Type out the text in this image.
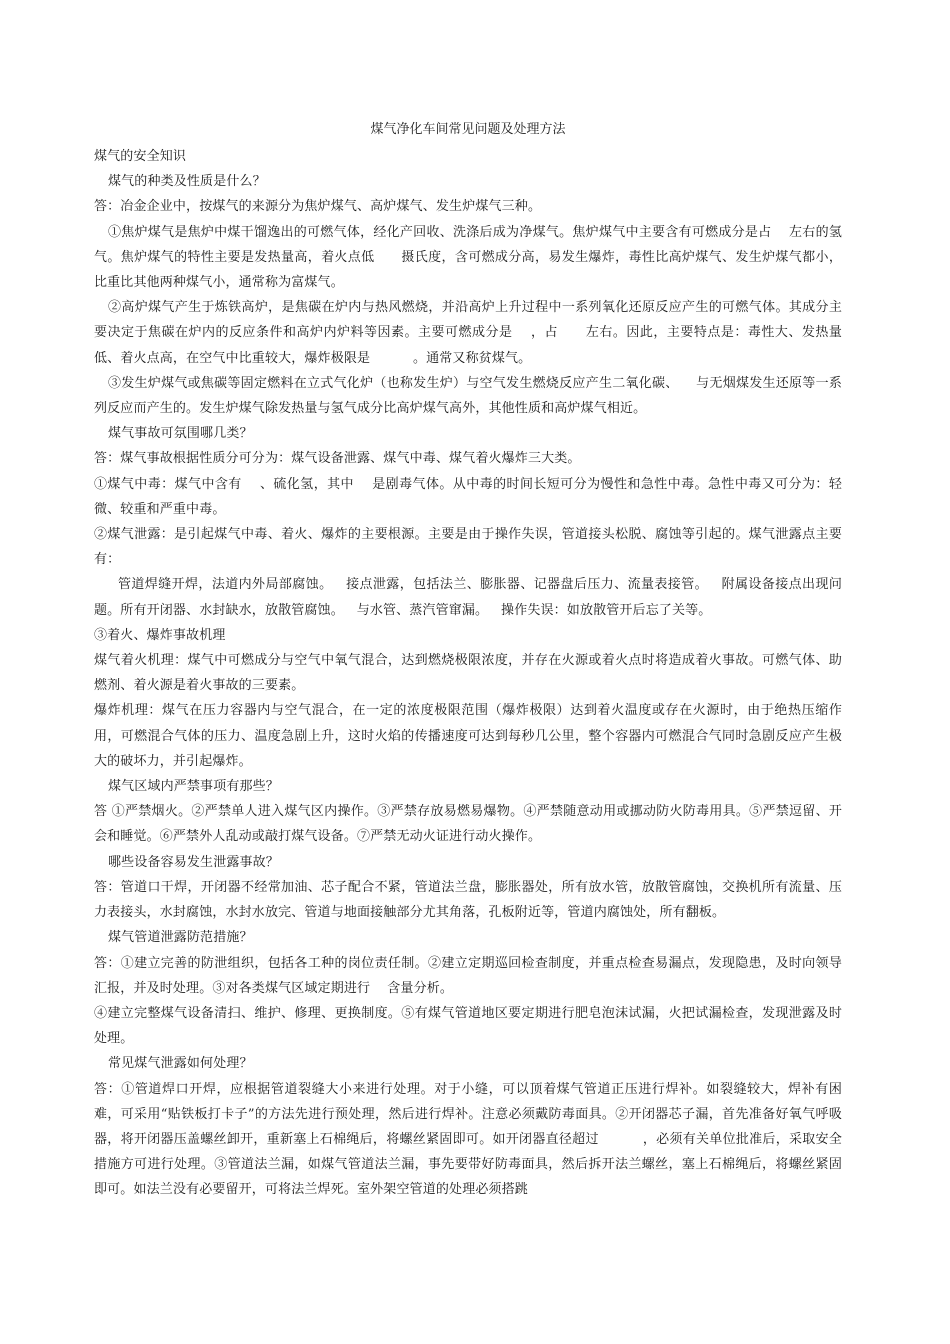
煤气净化车间常见问题及处理方法

煤气的安全知识

煤气的种类及性质是什么？

答：冶金企业中，按煤气的来源分为焦炉煤气、高炉煤气、发生炉煤气三种。

①焦炉煤气是焦炉中煤干馏逸出的可燃气体，经化产回收、洗涤后成为净煤气。焦炉煤气中主要含有可燃成分是占    左右的氢气。焦炉煤气的特性主要是发热量高，着火点低      摄氏度，含可燃成分高，易发生爆炸，毒性比高炉煤气、发生炉煤气都小，比重比其他两种煤气小，通常称为富煤气。

②高炉煤气产生于炼铁高炉，是焦碳在炉内与热风燃烧，并沿高炉上升过程中一系列氧化还原反应产生的可燃气体。其成分主要决定于焦碳在炉内的反应条件和高炉内炉料等因素。主要可燃成分是    ，占      左右。因此，主要特点是：毒性大、发热量低、着火点高，在空气中比重较大，爆炸极限是          。通常又称贫煤气。

③发生炉煤气或焦碳等固定燃料在立式气化炉（也称发生炉）与空气发生燃烧反应产生二氧化碳、    与无烟煤发生还原等一系列反应而产生的。发生炉煤气除发热量与氢气成分比高炉煤气高外，其他性质和高炉煤气相近。

煤气事故可氛围哪几类？

答：煤气事故根据性质分可分为：煤气设备泄露、煤气中毒、煤气着火爆炸三大类。

①煤气中毒：煤气中含有    、硫化氢，其中    是剧毒气体。从中毒的时间长短可分为慢性和急性中毒。急性中毒又可分为：轻微、较重和严重中毒。

②煤气泄露：是引起煤气中毒、着火、爆炸的主要根源。主要是由于操作失误，管道接头松脱、腐蚀等引起的。煤气泄露点主要有：

管道焊缝开焊，法道内外局部腐蚀。   接点泄露，包括法兰、膨胀器、记器盘后压力、流量表接管。   附属设备接点出现问题。所有开闭器、水封缺水，放散管腐蚀。   与水管、蒸汽管窜漏。   操作失误：如放散管开后忘了关等。

③着火、爆炸事故机理

煤气着火机理：煤气中可燃成分与空气中氧气混合，达到燃烧极限浓度，并存在火源或着火点时将造成着火事故。可燃气体、助燃剂、着火源是着火事故的三要素。

爆炸机理：煤气在压力容器内与空气混合，在一定的浓度极限范围（爆炸极限）达到着火温度或存在火源时，由于绝热压缩作用，可燃混合气体的压力、温度急剧上升，这时火焰的传播速度可达到每秒几公里，整个容器内可燃混合气同时急剧反应产生极大的破坏力，并引起爆炸。

煤气区域内严禁事项有那些？

答 ①严禁烟火。②严禁单人进入煤气区内操作。③严禁存放易燃易爆物。④严禁随意动用或挪动防火防毒用具。⑤严禁逗留、开会和睡觉。⑥严禁外人乱动或敲打煤气设备。⑦严禁无动火证进行动火操作。

哪些设备容易发生泄露事故？

答：管道口干焊，开闭器不经常加油、芯子配合不紧，管道法兰盘，膨胀器处，所有放水管，放散管腐蚀，交换机所有流量、压力表接头，水封腐蚀，水封水放完、管道与地面接触部分尤其角落，孔板附近等，管道内腐蚀处，所有翻板。

煤气管道泄露防范措施？

答：①建立完善的防泄组织，包括各工种的岗位责任制。②建立定期巡回检查制度，并重点检查易漏点，发现隐患，及时向领导汇报，并及时处理。③对各类煤气区域定期进行    含量分析。

④建立完整煤气设备清扫、维护、修理、更换制度。⑤有煤气管道地区要定期进行肥皂泡沫试漏，火把试漏检查，发现泄露及时处理。

常见煤气泄露如何处理？

答：①管道焊口开焊，应根据管道裂缝大小来进行处理。对于小缝，可以顶着煤气管道正压进行焊补。如裂缝较大，焊补有困难，可采用“贴铁板打卡子”的方法先进行预处理，然后进行焊补。注意必须戴防毒面具。②开闭器芯子漏，首先准备好氧气呼吸器，将开闭器压盖螺丝卸开，重新塞上石棉绳后，将螺丝紧固即可。如开闭器直径超过          ，必须有关单位批准后，采取安全措施方可进行处理。③管道法兰漏，如煤气管道法兰漏，事先要带好防毒面具，然后拆开法兰螺丝，塞上石棉绳后，将螺丝紧固即可。如法兰没有必要留开，可将法兰焊死。室外架空管道的处理必须搭跳
